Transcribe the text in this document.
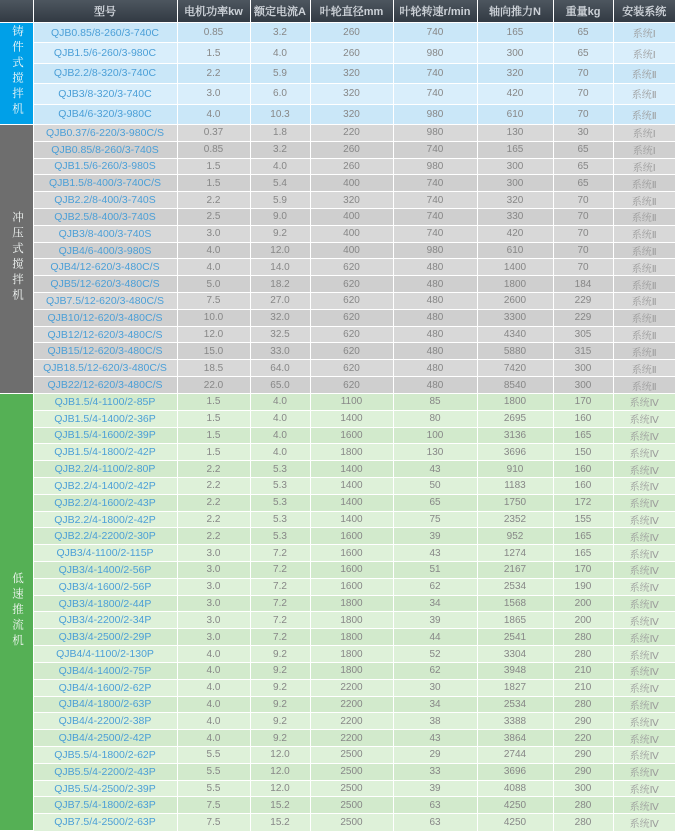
	型号	电机功率kw	额定电流A	叶轮直径mm	叶轮转速r/min	轴向推力N	重量kg	安装系统
铸件式搅拌机	QJB0.85/8-260/3-740C	0.85	3.2	260	740	165	65	系统Ⅰ
	QJB1.5/6-260/3-980C	1.5	4.0	260	980	300	65	系统Ⅰ
	QJB2.2/8-320/3-740C	2.2	5.9	320	740	320	70	系统Ⅱ
	QJB3/8-320/3-740C	3.0	6.0	320	740	420	70	系统Ⅱ
	QJB4/6-320/3-980C	4.0	10.3	320	980	610	70	系统Ⅱ
冲压式搅拌机	QJB0.37/6-220/3-980C/S	0.37	1.8	220	980	130	30	系统Ⅰ
	QJB0.85/8-260/3-740S	0.85	3.2	260	740	165	65	系统Ⅰ
	QJB1.5/6-260/3-980S	1.5	4.0	260	980	300	65	系统Ⅰ
	QJB1.5/8-400/3-740C/S	1.5	5.4	400	740	300	65	系统Ⅱ
	QJB2.2/8-400/3-740S	2.2	5.9	320	740	320	70	系统Ⅱ
	QJB2.5/8-400/3-740S	2.5	9.0	400	740	330	70	系统Ⅱ
	QJB3/8-400/3-740S	3.0	9.2	400	740	420	70	系统Ⅱ
	QJB4/6-400/3-980S	4.0	12.0	400	980	610	70	系统Ⅱ
	QJB4/12-620/3-480C/S	4.0	14.0	620	480	1400	70	系统Ⅱ
	QJB5/12-620/3-480C/S	5.0	18.2	620	480	1800	184	系统Ⅱ
	QJB7.5/12-620/3-480C/S	7.5	27.0	620	480	2600	229	系统Ⅱ
	QJB10/12-620/3-480C/S	10.0	32.0	620	480	3300	229	系统Ⅱ
	QJB12/12-620/3-480C/S	12.0	32.5	620	480	4340	305	系统Ⅱ
	QJB15/12-620/3-480C/S	15.0	33.0	620	480	5880	315	系统Ⅱ
	QJB18.5/12-620/3-480C/S	18.5	64.0	620	480	7420	300	系统Ⅱ
	QJB22/12-620/3-480C/S	22.0	65.0	620	480	8540	300	系统Ⅱ
低速推流机	QJB1.5/4-1100/2-85P	1.5	4.0	1100	85	1800	170	系统Ⅳ
	QJB1.5/4-1400/2-36P	1.5	4.0	1400	80	2695	160	系统Ⅳ
	QJB1.5/4-1600/2-39P	1.5	4.0	1600	100	3136	165	系统Ⅳ
	QJB1.5/4-1800/2-42P	1.5	4.0	1800	130	3696	150	系统Ⅳ
	QJB2.2/4-1100/2-80P	2.2	5.3	1400	43	910	160	系统Ⅳ
	QJB2.2/4-1400/2-42P	2.2	5.3	1400	50	1183	160	系统Ⅳ
	QJB2.2/4-1600/2-43P	2.2	5.3	1400	65	1750	172	系统Ⅳ
	QJB2.2/4-1800/2-42P	2.2	5.3	1400	75	2352	155	系统Ⅳ
	QJB2.2/4-2200/2-30P	2.2	5.3	1600	39	952	165	系统Ⅳ
	QJB3/4-1100/2-115P	3.0	7.2	1600	43	1274	165	系统Ⅳ
	QJB3/4-1400/2-56P	3.0	7.2	1600	51	2167	170	系统Ⅳ
	QJB3/4-1600/2-56P	3.0	7.2	1600	62	2534	190	系统Ⅳ
	QJB3/4-1800/2-44P	3.0	7.2	1800	34	1568	200	系统Ⅳ
	QJB3/4-2200/2-34P	3.0	7.2	1800	39	1865	200	系统Ⅳ
	QJB3/4-2500/2-29P	3.0	7.2	1800	44	2541	280	系统Ⅳ
	QJB4/4-1100/2-130P	4.0	9.2	1800	52	3304	280	系统Ⅳ
	QJB4/4-1400/2-75P	4.0	9.2	1800	62	3948	210	系统Ⅳ
	QJB4/4-1600/2-62P	4.0	9.2	2200	30	1827	210	系统Ⅳ
	QJB4/4-1800/2-63P	4.0	9.2	2200	34	2534	280	系统Ⅳ
	QJB4/4-2200/2-38P	4.0	9.2	2200	38	3388	290	系统Ⅳ
	QJB4/4-2500/2-42P	4.0	9.2	2200	43	3864	220	系统Ⅳ
	QJB5.5/4-1800/2-62P	5.5	12.0	2500	29	2744	290	系统Ⅳ
	QJB5.5/4-2200/2-43P	5.5	12.0	2500	33	3696	290	系统Ⅳ
	QJB5.5/4-2500/2-39P	5.5	12.0	2500	39	4088	300	系统Ⅳ
	QJB7.5/4-1800/2-63P	7.5	15.2	2500	63	4250	280	系统Ⅳ
	QJB7.5/4-2500/2-63P	7.5	15.2	2500	63	4250	280	系统Ⅳ
